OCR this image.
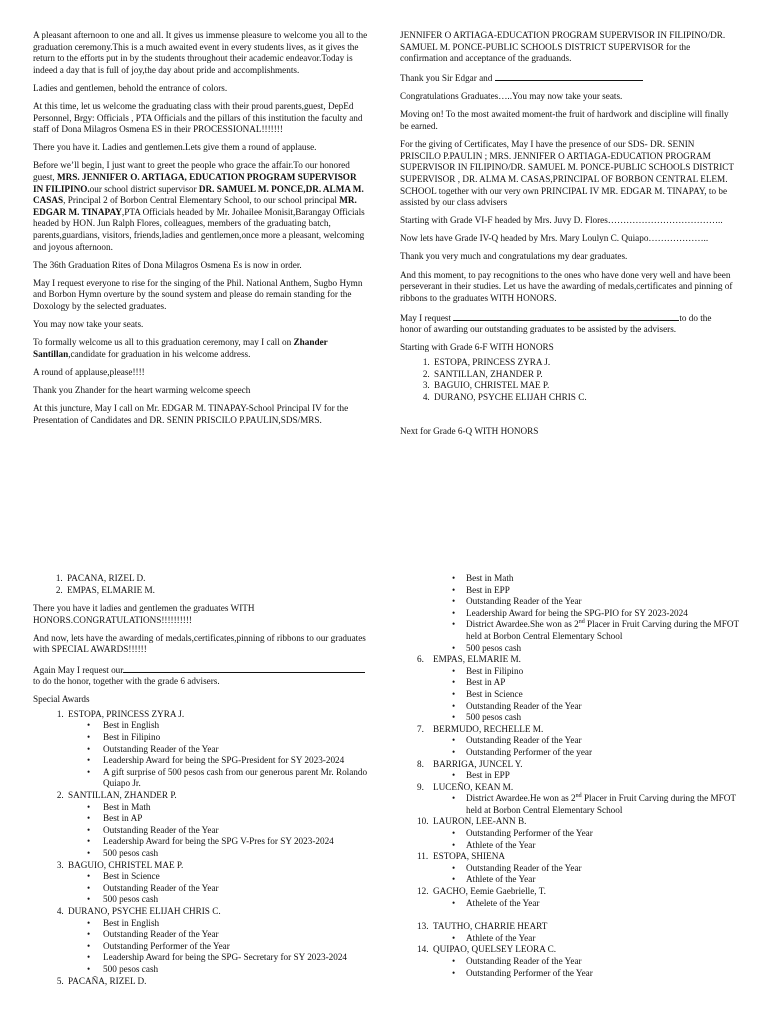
A pleasant afternoon to one and all. It gives us immense pleasure to welcome you all to the graduation ceremony.This is a much awaited event in every students lives, as it gives the return to the efforts put in by the students throughout their academic endeavor.Today is indeed a day that is full of joy,the day about pride and accomplishments.

Ladies and gentlemen, behold the entrance of colors.

At this time, let us welcome the graduating class with their proud parents,guest, DepEd Personnel, Brgy: Officials , PTA Officials and the pillars of this institution the faculty and staff of Dona Milagros Osmena ES in their PROCESSIONAL!!!!!!!

There you have it. Ladies and gentlemen.Lets give them a round of applause.

Before we’ll begin, I just want to greet the people who grace the affair.To our honored guest, MRS. JENNIFER O. ARTIAGA, EDUCATION PROGRAM SUPERVISOR IN FILIPINO.our school district supervisor DR. SAMUEL M. PONCE,DR. ALMA M. CASAS, Principal 2 of Borbon Central Elementary School, to our school principal MR. EDGAR M. TINAPAY,PTA Officials headed by Mr. Johailee Monisit,Barangay Officials headed by HON. Jun Ralph Flores, colleagues, members of the graduating batch, parents,guardians, visitors, friends,ladies and gentlemen,once more a pleasant, welcoming and joyous afternoon.

The 36th Graduation Rites of Dona Milagros Osmena Es is now in order.

May I request everyone to rise for the singing of the Phil. National Anthem, Sugbo Hymn and Borbon Hymn overture by the sound system and please do remain standing for the Doxology by the selected graduates.

You may now take your seats.

To formally welcome us all to this graduation ceremony, may I call on Zhander Santillan,candidate for graduation in his welcome address.

A round of applause,please!!!!

Thank you Zhander for the heart warming welcome speech

At this juncture, May I call on Mr. EDGAR M. TINAPAY-School Principal IV for the Presentation of Candidates and DR. SENIN PRISCILO P.PAULIN,SDS/MRS.

JENNIFER O ARTIAGA-EDUCATION PROGRAM SUPERVISOR IN FILIPINO/DR. SAMUEL M. PONCE-PUBLIC SCHOOLS DISTRICT SUPERVISOR for the confirmation and acceptance of the graduands.

Thank you Sir Edgar and

Congratulations Graduates…..You may now take your seats.

Moving on! To the most awaited moment-the fruit of hardwork and discipline will finally be earned.

For the giving of Certificates, May I have the presence of our SDS- DR. SENIN PRISCILO P.PAULIN ; MRS. JENNIFER O ARTIAGA-EDUCATION PROGRAM SUPERVISOR IN FILIPINO/DR. SAMUEL M. PONCE-PUBLIC SCHOOLS DISTRICT SUPERVISOR , DR. ALMA M. CASAS,PRINCIPAL OF BORBON CENTRAL ELEM. SCHOOL together with our very own PRINCIPAL IV MR. EDGAR M. TINAPAY, to be assisted by our class advisers

Starting with Grade VI-F headed by Mrs. Juvy D. Flores………………………………..

Now lets have Grade IV-Q headed by Mrs. Mary Loulyn C. Quiapo………………..

Thank you very much and congratulations my dear graduates.

And this moment, to pay recognitions to the ones who have done very well and have been perseverant in their studies. Let us have the awarding of medals,certificates and pinning of ribbons to the graduates WITH HONORS.

May I request	to do the honor of awarding our outstanding graduates to be assisted by the advisers.

Starting with Grade 6-F WITH HONORS

1. ESTOPA, PRINCESS ZYRA J.
2. SANTILLAN, ZHANDER P.
3. BAGUIO, CHRISTEL MAE P.
4. DURANO, PSYCHE ELIJAH CHRIS C.

Next for Grade 6-Q WITH HONORS

1. PACANA, RIZEL D.
2. EMPAS, ELMARIE M.

There you have it ladies and gentlemen the graduates WITH HONORS.CONGRATULATIONS!!!!!!!!!!

And now, lets have the awarding of medals,certificates,pinning of ribbons to our graduates with SPECIAL AWARDS!!!!!!

Again May I request ourto do the honor, together with the grade 6 advisers.

Special Awards

1. ESTOPA, PRINCESS ZYRA J.
• Best in English
• Best in Filipino
• Outstanding Reader of the Year
• Leadership Award for being the SPG-President for SY 2023-2024
• A gift surprise of 500 pesos cash from our generous parent Mr. Rolando Quiapo Jr.
2. SANTILLAN, ZHANDER P.
• Best in Math
• Best in AP
• Outstanding Reader of the Year
• Leadership Award for being the SPG V-Pres for SY 2023-2024
• 500 pesos cash
3. BAGUIO, CHRISTEL MAE P.
• Best in Science
• Outstanding Reader of the Year
• 500 pesos cash
4. DURANO, PSYCHE ELIJAH CHRIS C.
• Best in English
• Outstanding Reader of the Year
• Outstanding Performer of the Year
• Leadership Award for being the SPG- Secretary for SY 2023-2024
• 500 pesos cash
5. PACAÑA, RIZEL D.
• Best in Math
• Best in EPP
• Outstanding Reader of the Year
• Leadership Award for being the SPG-PIO for SY 2023-2024
• District Awardee.She won as 2nd Placer in Fruit Carving during the MFOT held at Borbon Central Elementary School
• 500 pesos cash
6. EMPAS, ELMARIE M.
• Best in Filipino
• Best in AP
• Best in Science
• Outstanding Reader of the Year
• 500 pesos cash
7. BERMUDO, RECHELLE M.
• Outstanding Reader of the Year
• Outstanding Performer of the year
8. BARRIGA, JUNCEL Y.
• Best in EPP
9. LUCEÑO, KEAN M.
• District Awardee.He won as 2nd Placer in Fruit Carving during the MFOT held at Borbon Central Elementary School
10. LAURON, LEE-ANN B.
• Outstanding Performer of the Year
• Athlete of the Year
11. ESTOPA, SHIENA
• Outstanding Reader of the Year
• Athlete of the Year
12. GACHO, Eemie Gaebrielle, T.
• Athelete of the Year
13. TAUTHO, CHARRIE HEART
• Athlete of the Year
14. QUIPAO, QUELSEY LEORA C.
• Outstanding Reader of the Year
• Outstanding Performer of the Year
